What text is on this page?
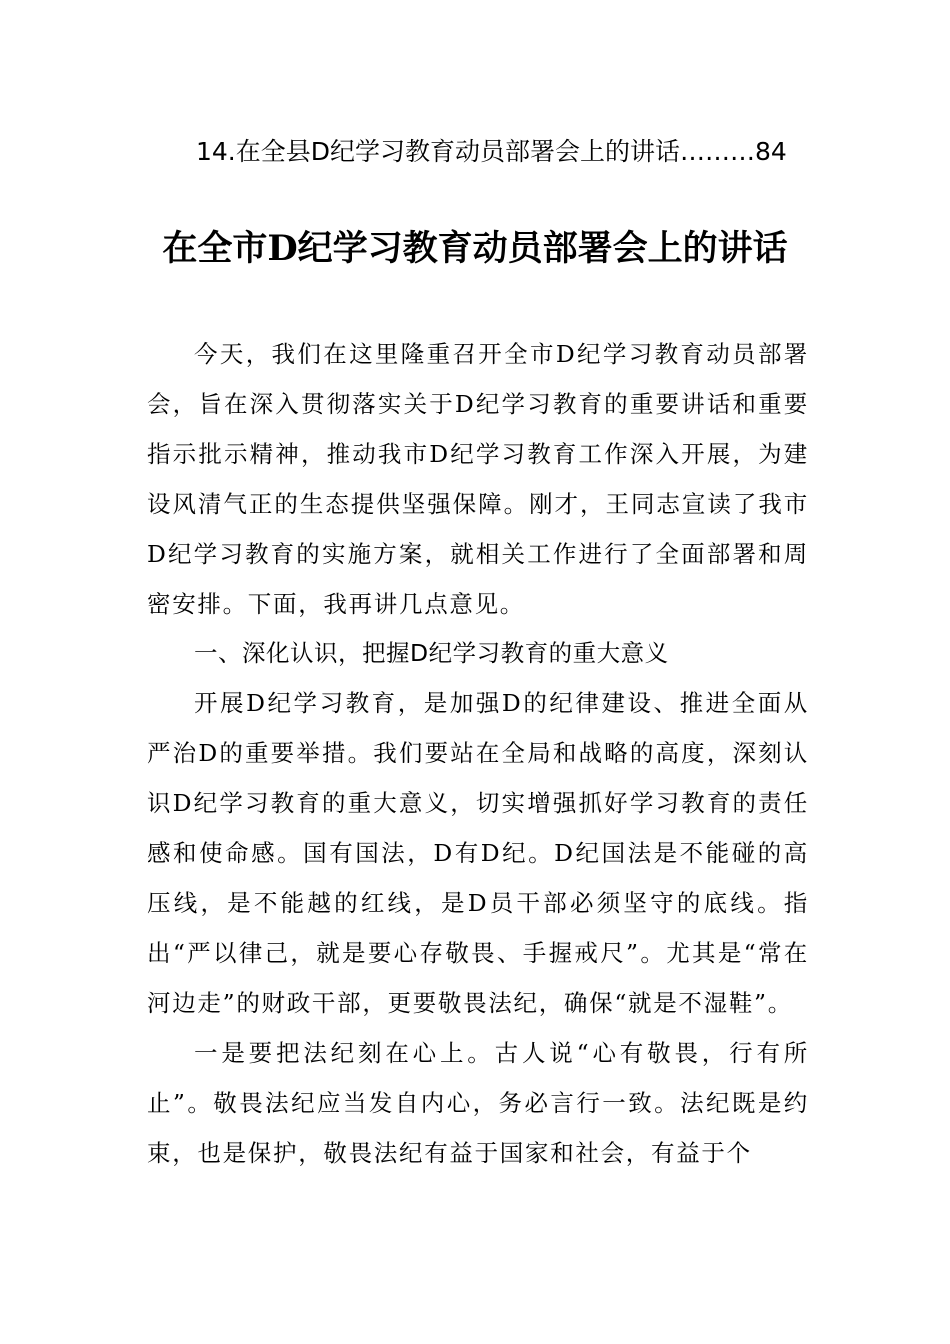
14.在全县D纪学习教育动员部署会上的讲话………84
在全市D纪学习教育动员部署会上的讲话

今天，我们在这里隆重召开全市D纪学习教育动员部署会，旨在深入贯彻落实关于D纪学习教育的重要讲话和重要指示批示精神，推动我市D纪学习教育工作深入开展，为建设风清气正的生态提供坚强保障。刚才，王同志宣读了我市D纪学习教育的实施方案，就相关工作进行了全面部署和周密安排。下面，我再讲几点意见。

一、深化认识，把握D纪学习教育的重大意义

开展D纪学习教育，是加强D的纪律建设、推进全面从严治D的重要举措。我们要站在全局和战略的高度，深刻认识D纪学习教育的重大意义，切实增强抓好学习教育的责任感和使命感。国有国法，D有D纪。D纪国法是不能碰的高压线，是不能越的红线，是D员干部必须坚守的底线。指出“严以律己，就是要心存敬畏、手握戒尺”。尤其是“常在河边走”的财政干部，更要敬畏法纪，确保“就是不湿鞋”。

一是要把法纪刻在心上。古人说“心有敬畏，行有所止”。敬畏法纪应当发自内心，务必言行一致。法纪既是约束，也是保护，敬畏法纪有益于国家和社会，有益于个
